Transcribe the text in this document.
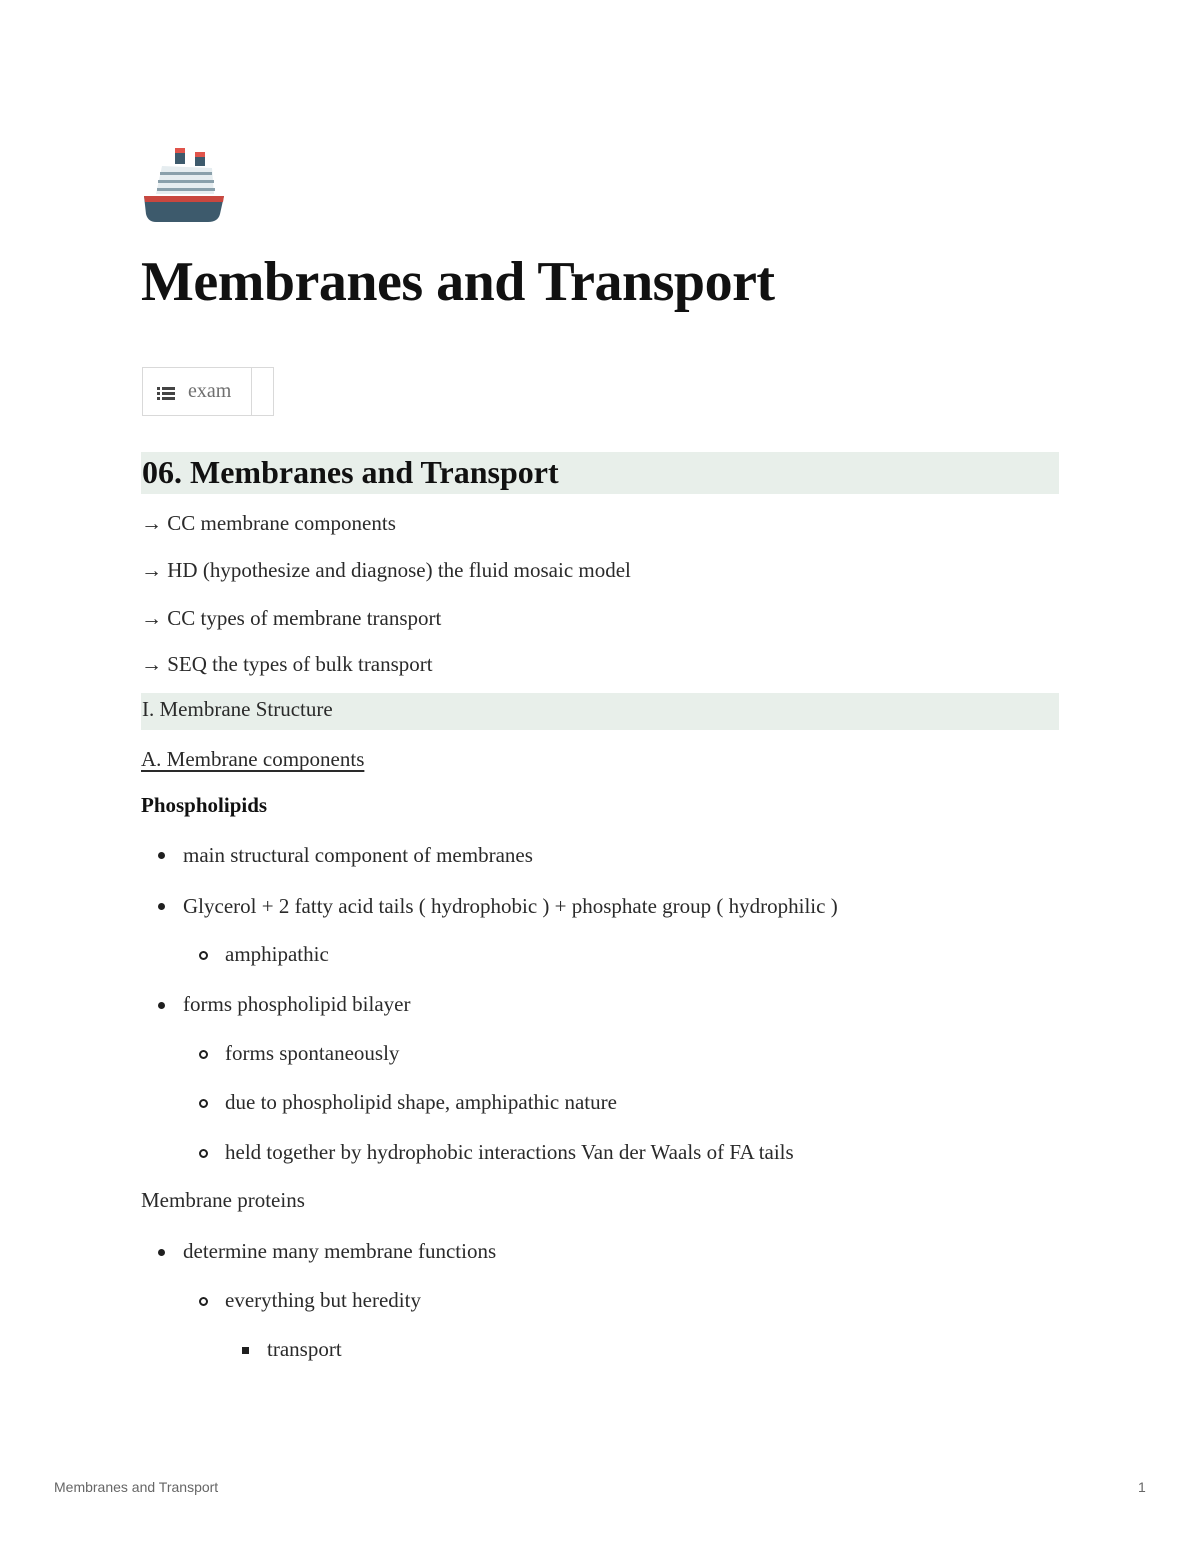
Membranes and Transport
exam
06. Membranes and Transport
→ CC membrane components
→ HD (hypothesize and diagnose) the fluid mosaic model
→ CC types of membrane transport
→ SEQ the types of bulk transport
I. Membrane Structure
A. Membrane components
Phospholipids
main structural component of membranes
Glycerol + 2 fatty acid tails ( hydrophobic ) + phosphate group ( hydrophilic )
amphipathic
forms phospholipid bilayer
forms spontaneously
due to phospholipid shape, amphipathic nature
held together by hydrophobic interactions Van der Waals of FA tails
Membrane proteins
determine many membrane functions
everything but heredity
transport
Membranes and Transport	1
